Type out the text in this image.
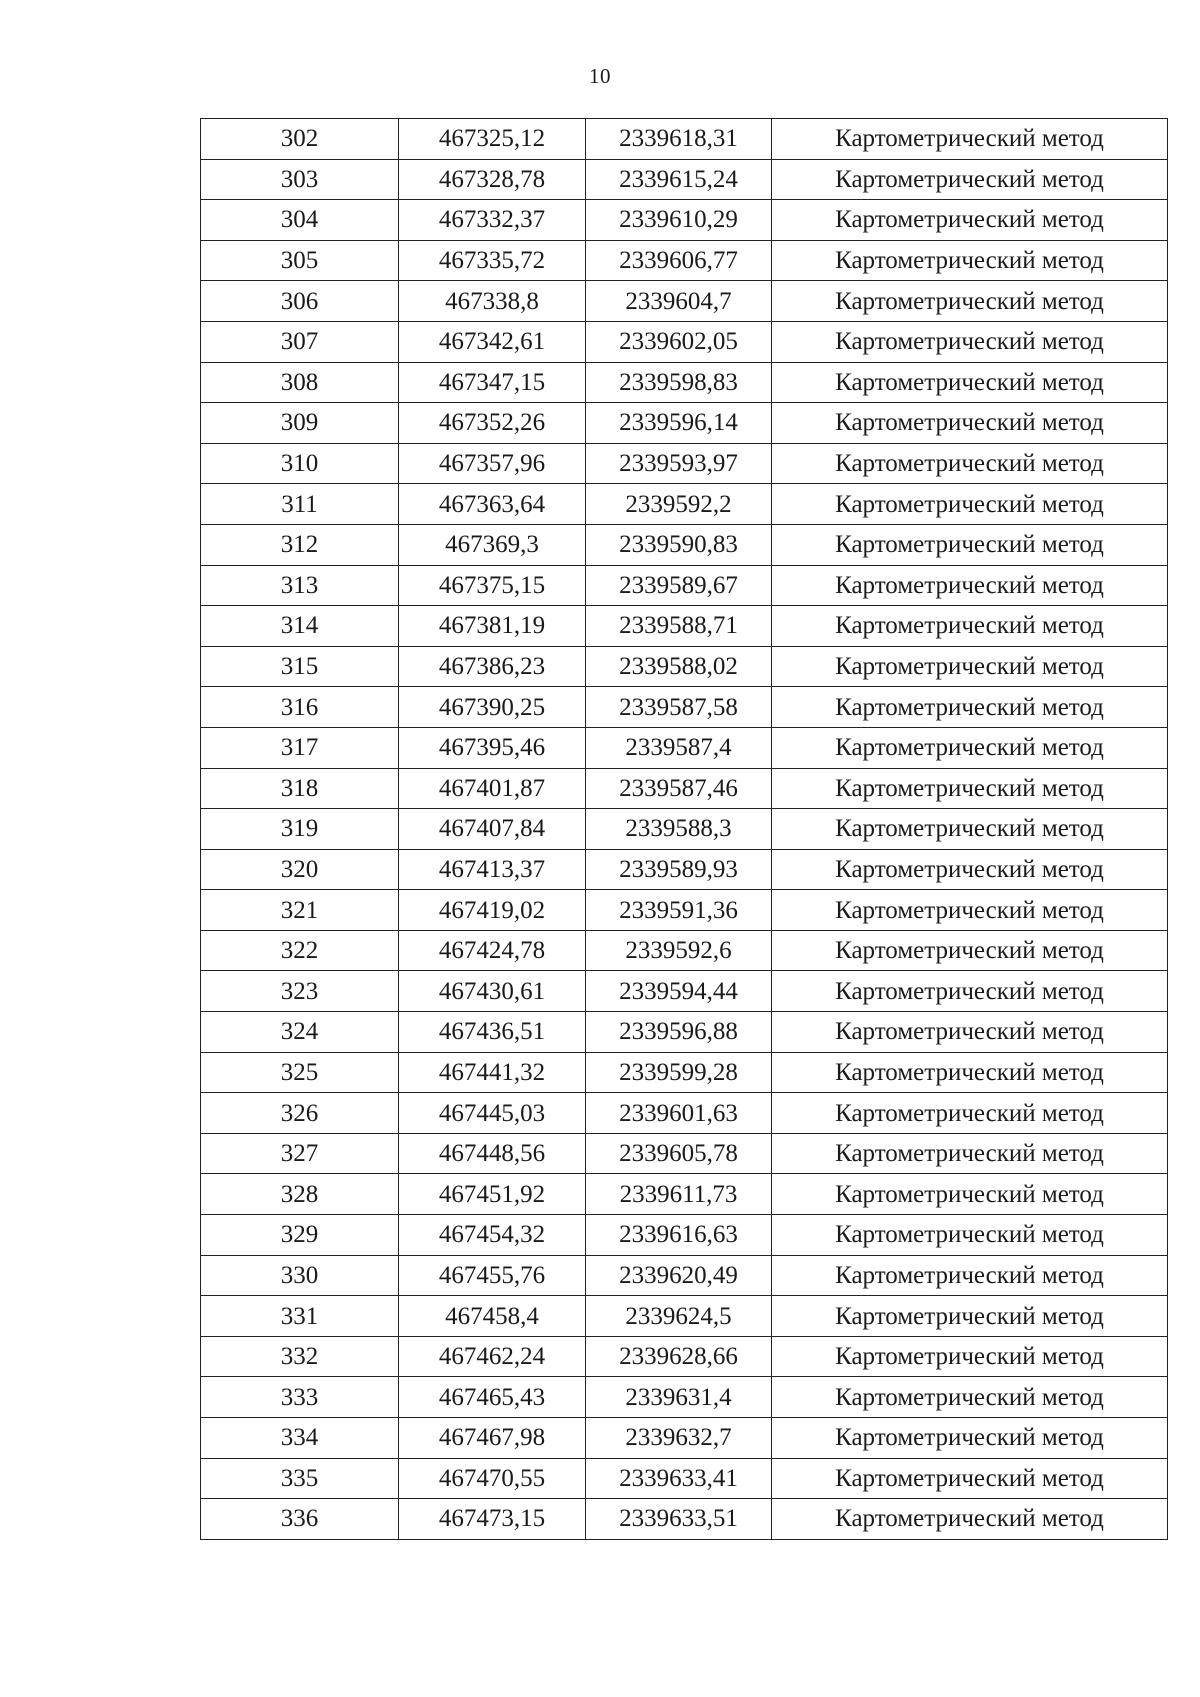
10
302	467325,12	2339618,31	Картометрический метод
303	467328,78	2339615,24	Картометрический метод
304	467332,37	2339610,29	Картометрический метод
305	467335,72	2339606,77	Картометрический метод
306	467338,8	2339604,7	Картометрический метод
307	467342,61	2339602,05	Картометрический метод
308	467347,15	2339598,83	Картометрический метод
309	467352,26	2339596,14	Картометрический метод
310	467357,96	2339593,97	Картометрический метод
311	467363,64	2339592,2	Картометрический метод
312	467369,3	2339590,83	Картометрический метод
313	467375,15	2339589,67	Картометрический метод
314	467381,19	2339588,71	Картометрический метод
315	467386,23	2339588,02	Картометрический метод
316	467390,25	2339587,58	Картометрический метод
317	467395,46	2339587,4	Картометрический метод
318	467401,87	2339587,46	Картометрический метод
319	467407,84	2339588,3	Картометрический метод
320	467413,37	2339589,93	Картометрический метод
321	467419,02	2339591,36	Картометрический метод
322	467424,78	2339592,6	Картометрический метод
323	467430,61	2339594,44	Картометрический метод
324	467436,51	2339596,88	Картометрический метод
325	467441,32	2339599,28	Картометрический метод
326	467445,03	2339601,63	Картометрический метод
327	467448,56	2339605,78	Картометрический метод
328	467451,92	2339611,73	Картометрический метод
329	467454,32	2339616,63	Картометрический метод
330	467455,76	2339620,49	Картометрический метод
331	467458,4	2339624,5	Картометрический метод
332	467462,24	2339628,66	Картометрический метод
333	467465,43	2339631,4	Картометрический метод
334	467467,98	2339632,7	Картометрический метод
335	467470,55	2339633,41	Картометрический метод
336	467473,15	2339633,51	Картометрический метод
